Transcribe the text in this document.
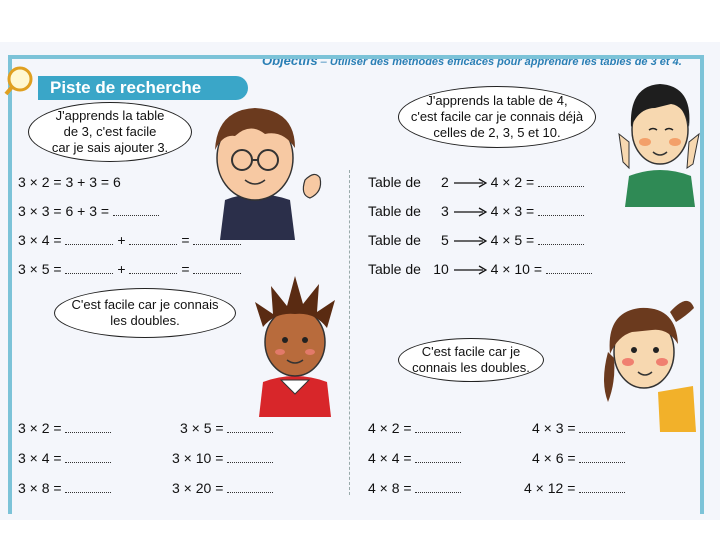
Objectifs – Utiliser des méthodes efficaces pour apprendre les tables de 3 et 4.
Piste de recherche
J'apprends la table
de 3, c'est facile
car je sais ajouter 3.
J'apprends la table de 4,
c'est facile car je connais déjà
celles de 2, 3, 5 et 10.
C'est facile car je connais
les doubles.
C'est facile car je
connais les doubles.
3 × 2 = 3 + 3 = 6
3 × 3 = 6 + 3 =
3 × 4 =	+	=
3 × 5 =	+	=
Table de 2	4 × 2 =
Table de 3	4 × 3 =
Table de 5	4 × 5 =
Table de 10	4 × 10 =
3 × 2 =	3 × 5 =
3 × 4 =	3 × 10 =
3 × 8 =	3 × 20 =
4 × 2 =	4 × 3 =
4 × 4 =	4 × 6 =
4 × 8 =	4 × 12 =
